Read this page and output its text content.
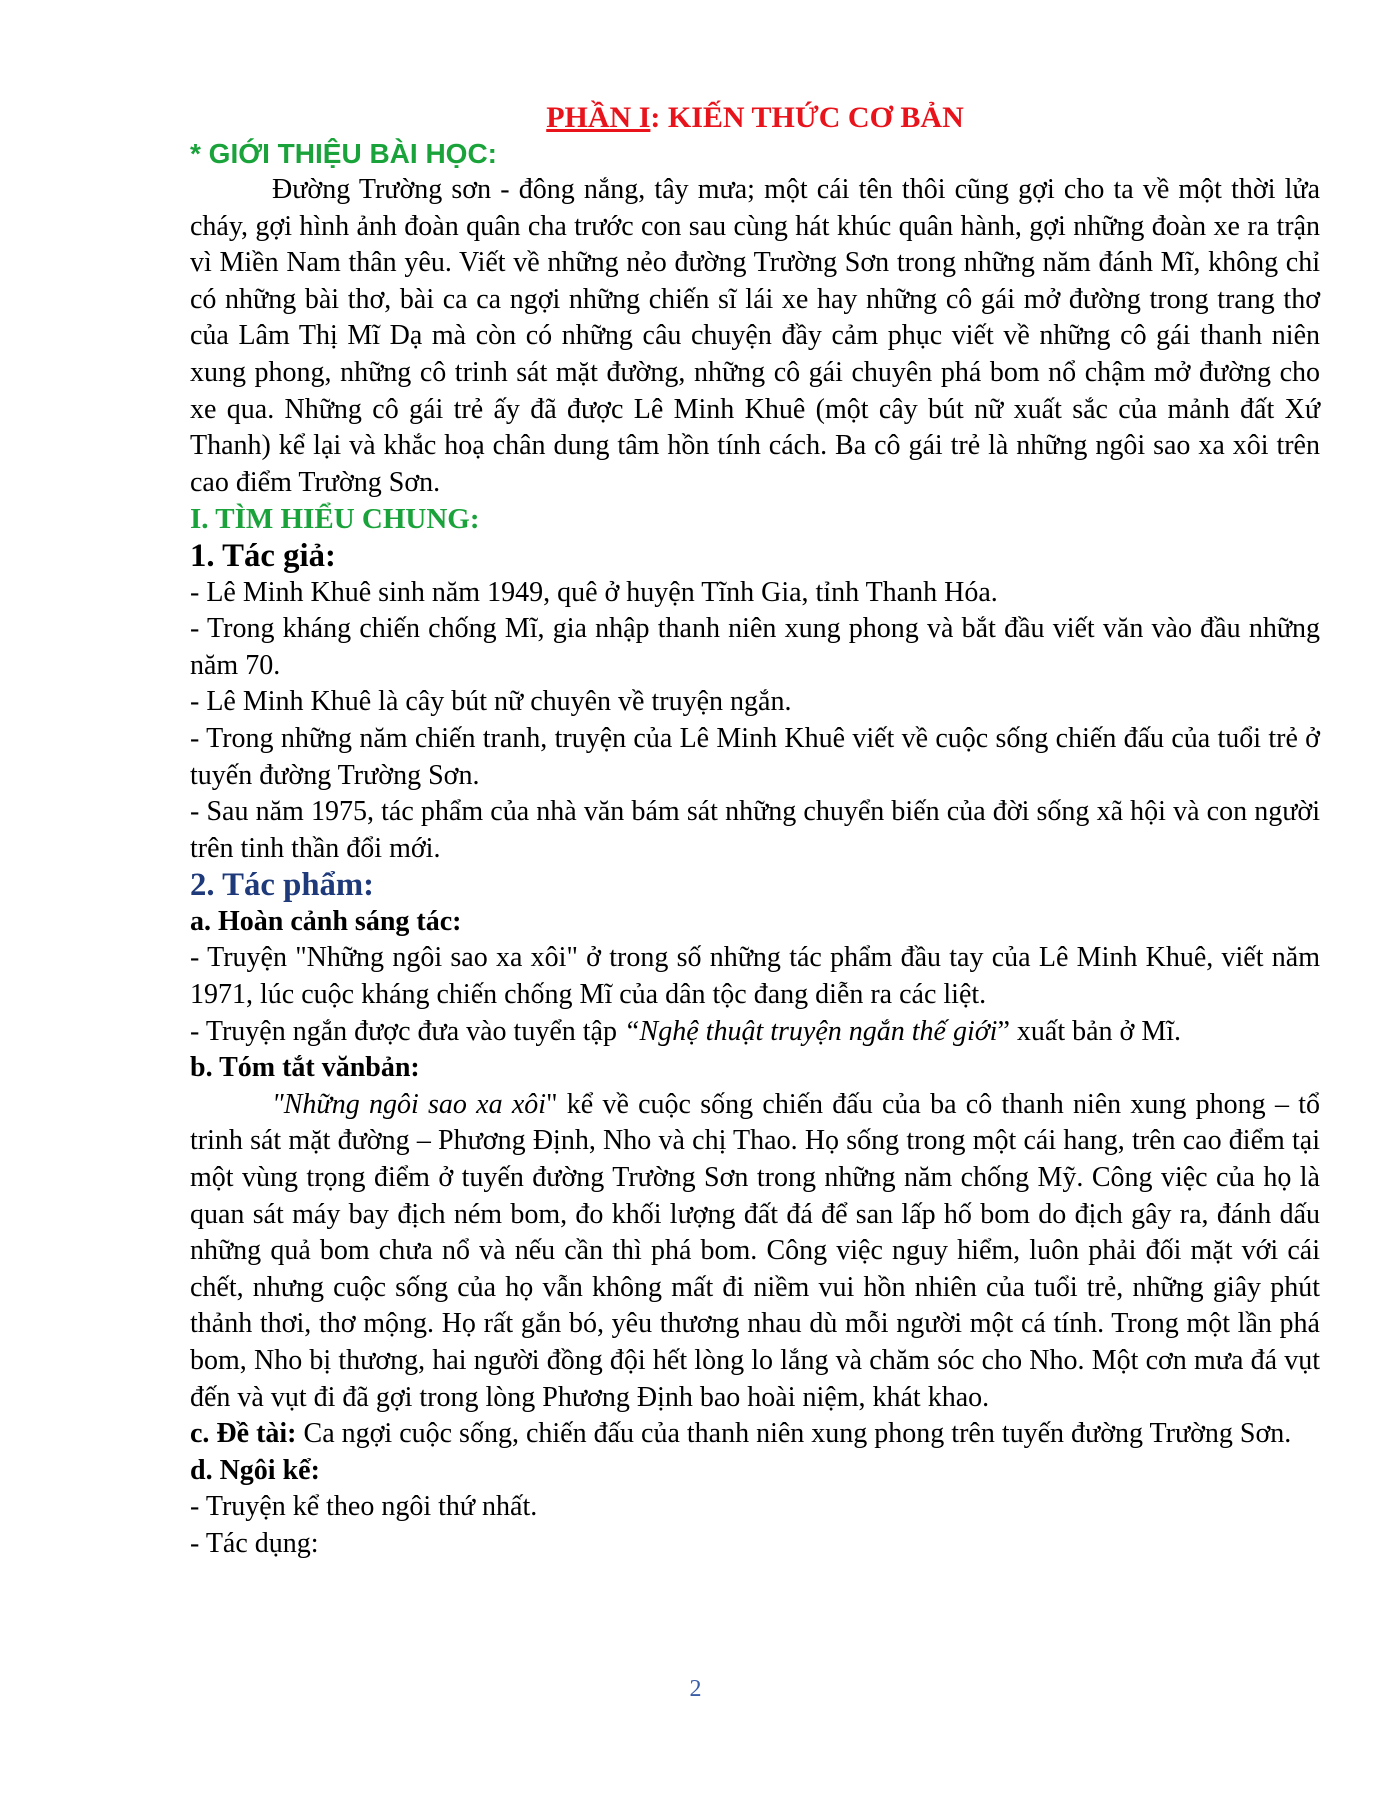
PHẦN I: KIẾN THỨC CƠ BẢN
* GIỚI THIỆU BÀI HỌC:

Đường Trường sơn - đông nắng, tây mưa; một cái tên thôi cũng gợi cho ta về một thời lửa cháy, gợi hình ảnh đoàn quân cha trước con sau cùng hát khúc quân hành, gợi những đoàn xe ra trận vì Miền Nam thân yêu. Viết về những nẻo đường Trường Sơn trong những năm đánh Mĩ, không chỉ có những bài thơ, bài ca ca ngợi những chiến sĩ lái xe hay những cô gái mở đường trong trang thơ của Lâm Thị Mĩ Dạ mà còn có những câu chuyện đầy cảm phục viết về những cô gái thanh niên xung phong, những cô trinh sát mặt đường, những cô gái chuyên phá bom nổ chậm mở đường cho xe qua. Những cô gái trẻ ấy đã được Lê Minh Khuê (một cây bút nữ xuất sắc của mảnh đất Xứ Thanh) kể lại và khắc hoạ chân dung tâm hồn tính cách. Ba cô gái trẻ là những ngôi sao xa xôi trên cao điểm Trường Sơn.

I. TÌM HIỂU CHUNG:
1. Tác giả:

- Lê Minh Khuê sinh năm 1949, quê ở huyện Tĩnh Gia, tỉnh Thanh Hóa.

- Trong kháng chiến chống Mĩ, gia nhập thanh niên xung phong và bắt đầu viết văn vào đầu những năm 70.

- Lê Minh Khuê là cây bút nữ chuyên về truyện ngắn.

- Trong những năm chiến tranh, truyện của Lê Minh Khuê viết về cuộc sống chiến đấu của tuổi trẻ ở tuyến đường Trường Sơn.

- Sau năm 1975, tác phẩm của nhà văn bám sát những chuyển biến của đời sống xã hội và con người trên tinh thần đổi mới.

2. Tác phẩm:
a. Hoàn cảnh sáng tác:

- Truyện "Những ngôi sao xa xôi" ở trong số những tác phẩm đầu tay của Lê Minh Khuê, viết năm 1971, lúc cuộc kháng chiến chống Mĩ của dân tộc đang diễn ra các liệt.

- Truyện ngắn được đưa vào tuyển tập “Nghệ thuật truyện ngắn thế giới” xuất bản ở Mĩ.

b. Tóm tắt vănbản:

"Những ngôi sao xa xôi" kể về cuộc sống chiến đấu của ba cô thanh niên xung phong – tổ trinh sát mặt đường – Phương Định, Nho và chị Thao. Họ sống trong một cái hang, trên cao điểm tại một vùng trọng điểm ở tuyến đường Trường Sơn trong những năm chống Mỹ. Công việc của họ là quan sát máy bay địch ném bom, đo khối lượng đất đá để san lấp hố bom do địch gây ra, đánh dấu những quả bom chưa nổ và nếu cần thì phá bom. Công việc nguy hiểm, luôn phải đối mặt với cái chết, nhưng cuộc sống của họ vẫn không mất đi niềm vui hồn nhiên của tuổi trẻ, những giây phút thảnh thơi, thơ mộng. Họ rất gắn bó, yêu thương nhau dù mỗi người một cá tính. Trong một lần phá bom, Nho bị thương, hai người đồng đội hết lòng lo lắng và chăm sóc cho Nho. Một cơn mưa đá vụt đến và vụt đi đã gợi trong lòng Phương Định bao hoài niệm, khát khao.

c. Đề tài: Ca ngợi cuộc sống, chiến đấu của thanh niên xung phong trên tuyến đường Trường Sơn.

d. Ngôi kể:

- Truyện kể theo ngôi thứ nhất.

- Tác dụng:

2
